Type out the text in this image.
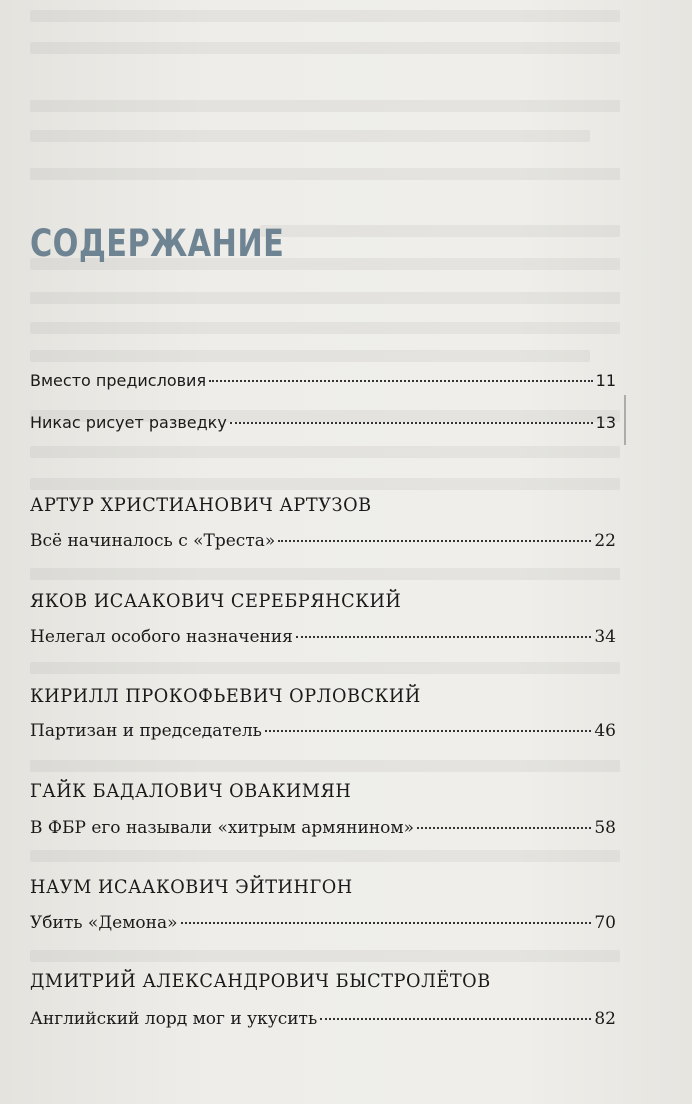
СОДЕРЖАНИЕ
Вместо предисловия	11
Никас рисует разведку	13
АРТУР ХРИСТИАНОВИЧ АРТУЗОВ
Всё начиналось с «Треста»	22
ЯКОВ ИСААКОВИЧ СЕРЕБРЯНСКИЙ
Нелегал особого назначения	34
КИРИЛЛ ПРОКОФЬЕВИЧ ОРЛОВСКИЙ
Партизан и председатель	46
ГАЙК БАДАЛОВИЧ ОВАКИМЯН
В ФБР его называли «хитрым армянином»	58
НАУМ ИСААКОВИЧ ЭЙТИНГОН
Убить «Демона»	70
ДМИТРИЙ АЛЕКСАНДРОВИЧ БЫСТРОЛЁТОВ
Английский лорд мог и укусить	82
